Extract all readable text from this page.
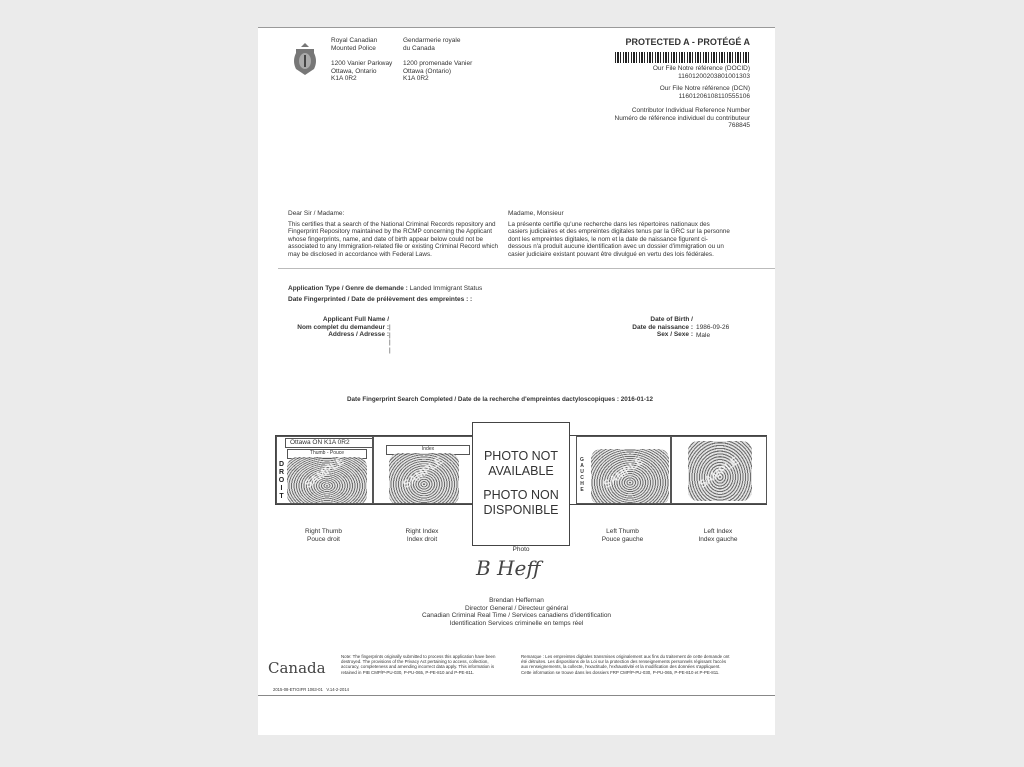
Royal Canadian
Mounted Police
Gendarmerie royale
du Canada
1200 Vanier Parkway
Ottawa, Ontario
K1A 0R2
1200 promenade Vanier
Ottawa (Ontario)
K1A 0R2
PROTECTED A - PROTÉGÉ A
Our File Notre référence (DOCID)
11601200203801001303
Our File Notre référence (DCN)
11601206108110555106
Contributor Individual Reference Number
Numéro de référence individuel du contributeur
768845
Dear Sir / Madame:
This certifies that a search of the National Criminal Records repository and Fingerprint Repository maintained by the RCMP concerning the Applicant whose fingerprints, name, and date of birth appear below could not be associated to any Immigration-related file or existing Criminal Record which may be disclosed in accordance with Federal Laws.
Madame, Monsieur
La présente certifie qu'une recherche dans les répertoires nationaux des casiers judiciaires et des empreintes digitales tenus par la GRC sur la personne dont les empreintes digitales, le nom et la date de naissance figurent ci-dessous n'a produit aucune identification avec un dossier d'immigration ou un casier judiciaire existant pouvant être divulgué en vertu des lois fédérales.
Application Type / Genre de demande : Landed Immigrant Status
Date Fingerprinted / Date de prélèvement des empreintes : :
Applicant Full Name /
Nom complet du demandeur :
Address / Adresse :
|
|
|
|
Date of Birth /
Date de naissance :
Sex / Sexe :
1986-09-26
Male
Date Fingerprint Search Completed / Date de la recherche d'empreintes dactyloscopiques : 2016-01-12
Ottawa ON K1A 0R2
Thumb - Pouce
SAMPLE
D
R
O
I
T
Index
SAMPLE	SAMPLE
G
A
U
C
H
E	SAMPLE
Right Thumb
Pouce droit
Right Index
Index droit
Left Thumb
Pouce gauche
Left Index
Index gauche
PHOTO NOT
AVAILABLE
PHOTO NON
DISPONIBLE
Photo
B Heff
Brendan Heffernan
Director General / Directeur général
Canadian Criminal Real Time / Services canadiens d'identification
Identification Services criminelle en temps réel
Canada
Note: The fingerprints originally submitted to process this application have been destroyed. The provisions of the Privacy Act pertaining to access, collection, accuracy, completeness and amending incorrect data apply. This information is retained in PIB CMP/P-PU-030, P-PU-065, P-PE-810 and P-PE-811.
Remarque : Les empreintes digitales transmises originalement aux fins du traitement de cette demande ont été détruites. Les dispositions de la Loi sur la protection des renseignements personnels régissant l'accès aux renseignements, la collecte, l'exactitude, l'exhaustivité et la modification des données s'appliquent. Cette information se trouve dans les dossiers FRP CMP/P-PU-030, P-PU-065, P-PE-810 et P-PE-811.
2015-08-ETIGIFR 1063-01 V.14-2-2014
